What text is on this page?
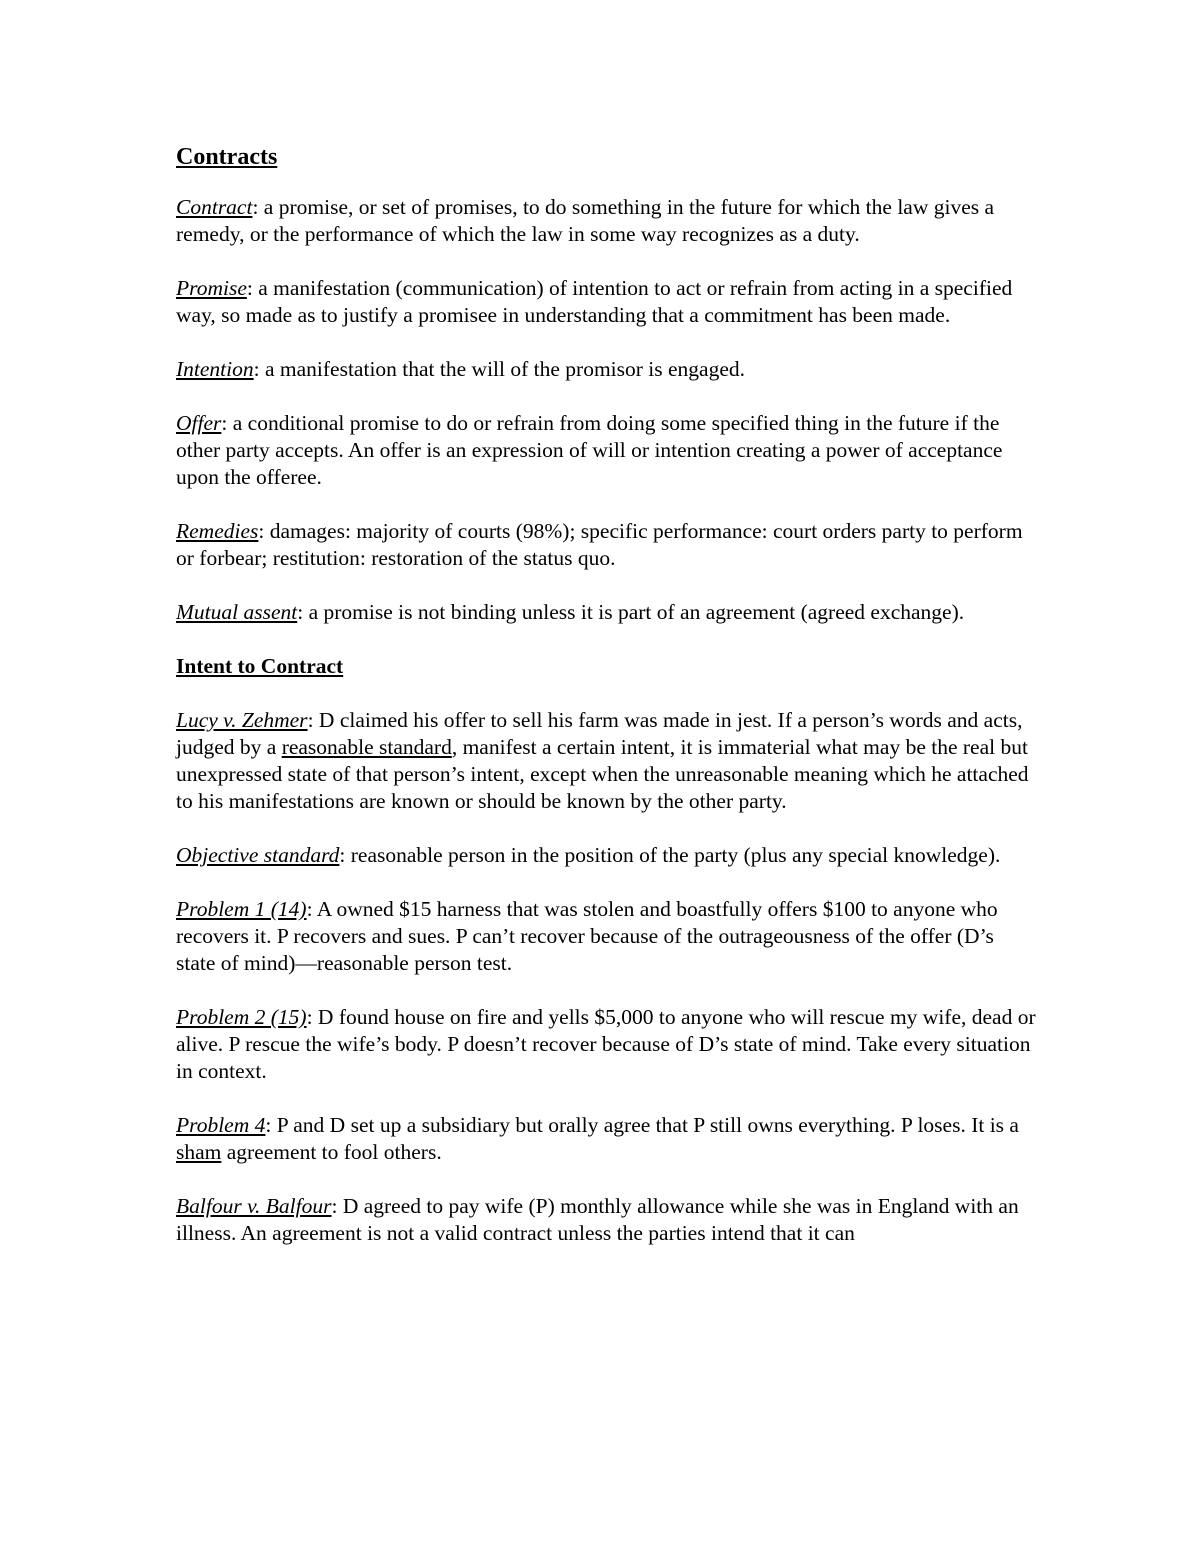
Contracts

Contract: a promise, or set of promises, to do something in the future for which the law gives a remedy, or the performance of which the law in some way recognizes as a duty.

Promise: a manifestation (communication) of intention to act or refrain from acting in a specified way, so made as to justify a promisee in understanding that a commitment has been made.

Intention: a manifestation that the will of the promisor is engaged.

Offer: a conditional promise to do or refrain from doing some specified thing in the future if the other party accepts. An offer is an expression of will or intention creating a power of acceptance upon the offeree.

Remedies: damages: majority of courts (98%); specific performance: court orders party to perform or forbear; restitution: restoration of the status quo.

Mutual assent: a promise is not binding unless it is part of an agreement (agreed exchange).

Intent to Contract

Lucy v. Zehmer: D claimed his offer to sell his farm was made in jest. If a person’s words and acts, judged by a reasonable standard, manifest a certain intent, it is immaterial what may be the real but unexpressed state of that person’s intent, except when the unreasonable meaning which he attached to his manifestations are known or should be known by the other party.

Objective standard: reasonable person in the position of the party (plus any special knowledge).

Problem 1 (14): A owned $15 harness that was stolen and boastfully offers $100 to anyone who recovers it. P recovers and sues. P can’t recover because of the outrageousness of the offer (D’s state of mind)—reasonable person test.

Problem 2 (15): D found house on fire and yells $5,000 to anyone who will rescue my wife, dead or alive. P rescue the wife’s body. P doesn’t recover because of D’s state of mind. Take every situation in context.

Problem 4: P and D set up a subsidiary but orally agree that P still owns everything. P loses. It is a sham agreement to fool others.

Balfour v. Balfour: D agreed to pay wife (P) monthly allowance while she was in England with an illness. An agreement is not a valid contract unless the parties intend that it can
